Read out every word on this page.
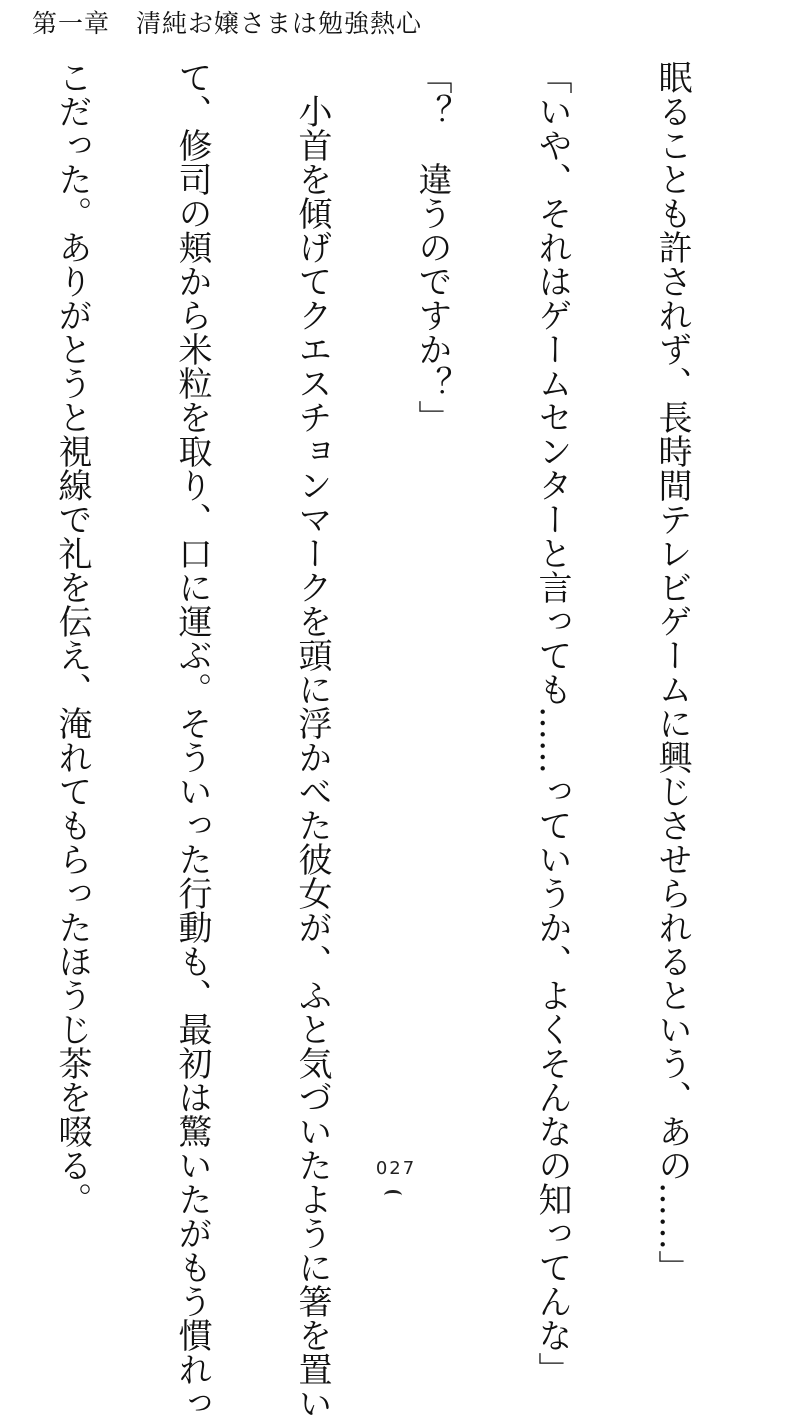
第一章　清純お嬢さまは勉強熱心

眠ることも許されず、長時間テレビゲームに興じさせられるという、あの……」

「いや、それはゲームセンターと言っても……っていうか、よくそんなの知ってんな」

「？　違うのですか？」

　小首を傾げてクエスチョンマークを頭に浮かべた彼女が、ふと気づいたように箸を置い

て、修司の頬から米粒を取り、口に運ぶ。そういった行動も、最初は驚いたがもう慣れっ

こだった。ありがとうと視線で礼を伝え、淹れてもらったほうじ茶を啜る。

	027
